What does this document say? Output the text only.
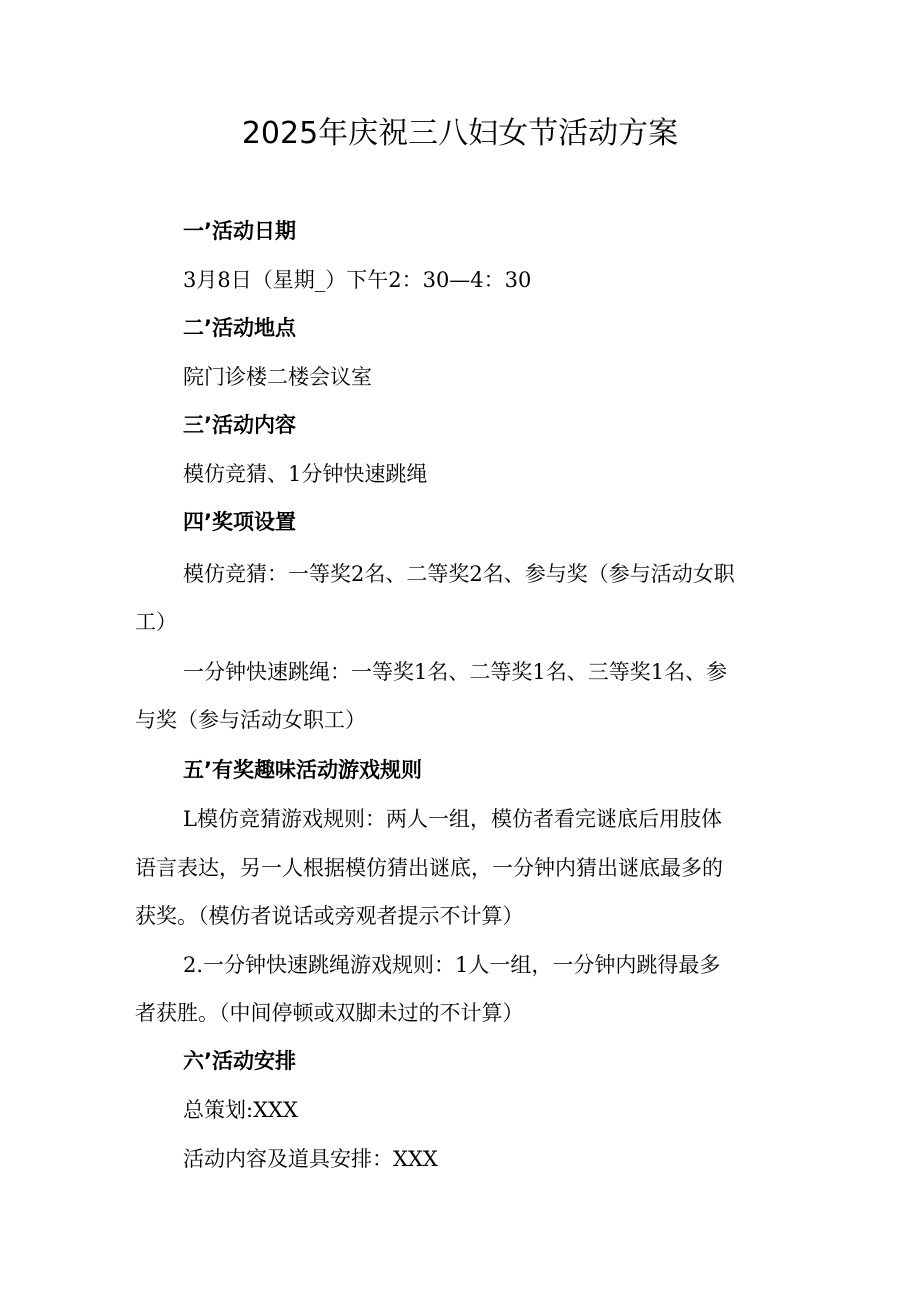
2025年庆祝三八妇女节活动方案
一’活动日期
3月8日（星期_）下午2：30—4：30
二’活动地点
院门诊楼二楼会议室
三’活动内容
模仿竞猜、1分钟快速跳绳
四’奖项设置
模仿竞猜：一等奖2名、二等奖2名、参与奖（参与活动女职
工）
一分钟快速跳绳：一等奖1名、二等奖1名、三等奖1名、参
与奖（参与活动女职工）
五’有奖趣味活动游戏规则
L模仿竞猜游戏规则：两人一组，模仿者看完谜底后用肢体
语言表达，另一人根据模仿猜出谜底，一分钟内猜出谜底最多的
获奖。（模仿者说话或旁观者提示不计算）
2.一分钟快速跳绳游戏规则：1人一组，一分钟内跳得最多
者获胜。（中间停顿或双脚未过的不计算）
六’活动安排
总策划:XXX
活动内容及道具安排：XXX
